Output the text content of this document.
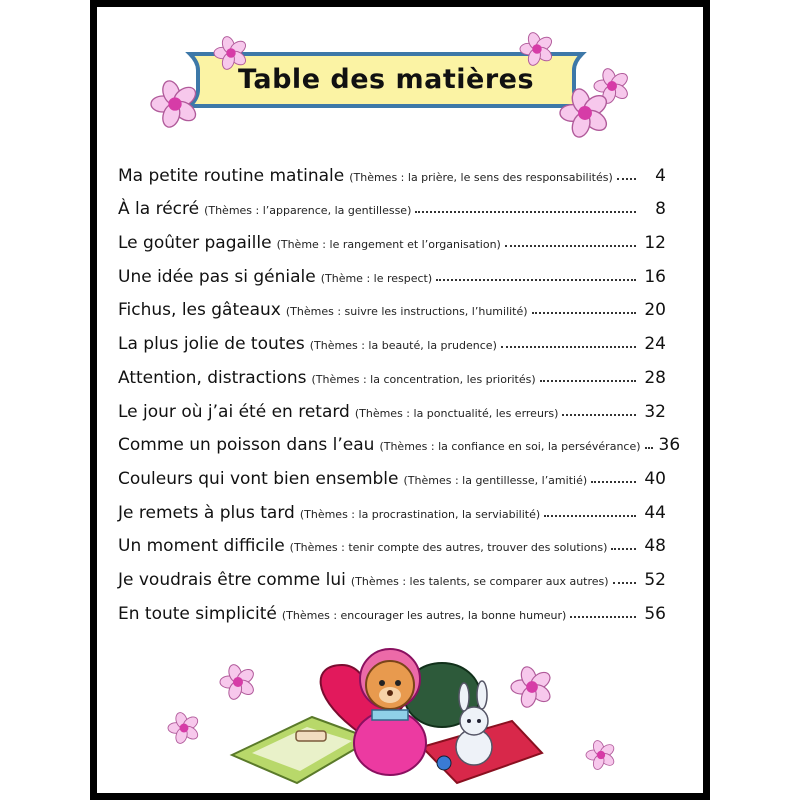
Table des matières
Ma petite routine matinale (Thèmes : la prière, le sens des responsabilités)	4
À la récré (Thèmes : l’apparence, la gentillesse)	8
Le goûter pagaille (Thème : le rangement et l’organisation)	12
Une idée pas si géniale (Thème : le respect)	16
Fichus, les gâteaux (Thèmes : suivre les instructions, l’humilité)	20
La plus jolie de toutes (Thèmes : la beauté, la prudence)	24
Attention, distractions (Thèmes : la concentration, les priorités)	28
Le jour où j’ai été en retard (Thèmes : la ponctualité, les erreurs)	32
Comme un poisson dans l’eau (Thèmes : la confiance en soi, la persévérance) 36
Couleurs qui vont bien ensemble (Thèmes : la gentillesse, l’amitié)	40
Je remets à plus tard (Thèmes : la procrastination, la serviabilité)	44
Un moment difficile (Thèmes : tenir compte des autres, trouver des solutions) 48
Je voudrais être comme lui (Thèmes : les talents, se comparer aux autres) 52
En toute simplicité (Thèmes : encourager les autres, la bonne humeur)	56
